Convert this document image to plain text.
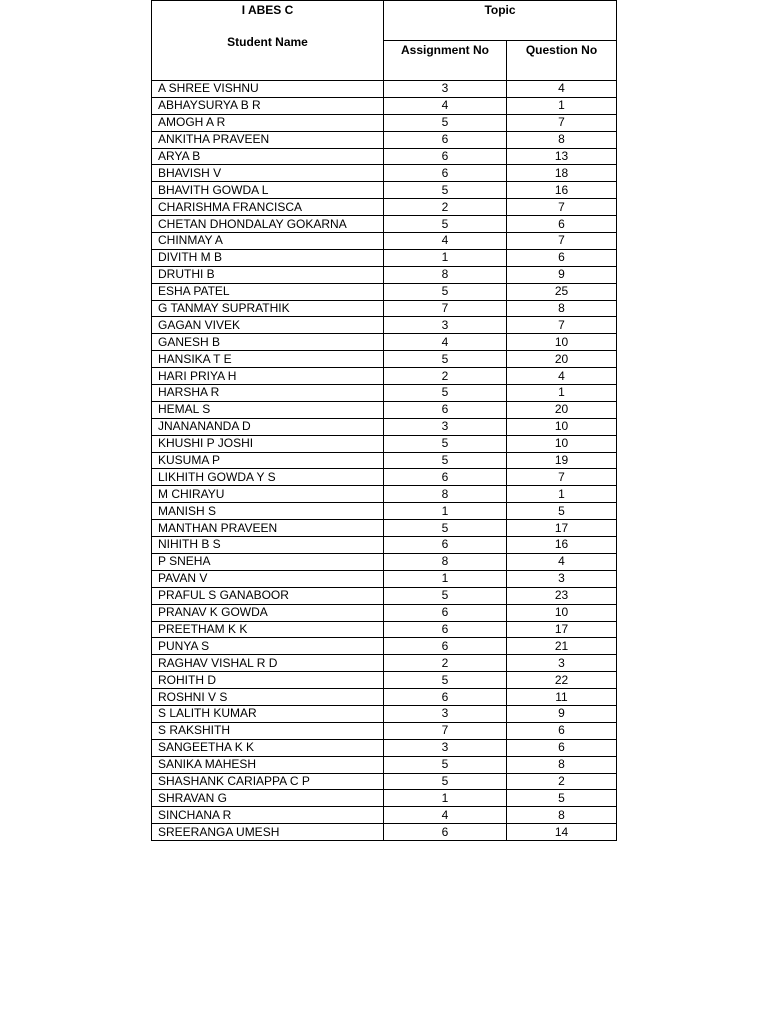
I ABES C
Student Name	Topic	
	Assignment No	Question No
A SHREE VISHNU	3	4
ABHAYSURYA B R	4	1
AMOGH A R	5	7
ANKITHA PRAVEEN	6	8
ARYA B	6	13
BHAVISH V	6	18
BHAVITH GOWDA L	5	16
CHARISHMA FRANCISCA	2	7
CHETAN DHONDALAY GOKARNA	5	6
CHINMAY A	4	7
DIVITH M B	1	6
DRUTHI B	8	9
ESHA PATEL	5	25
G TANMAY SUPRATHIK	7	8
GAGAN VIVEK	3	7
GANESH B	4	10
HANSIKA T E	5	20
HARI PRIYA H	2	4
HARSHA R	5	1
HEMAL S	6	20
JNANANANDA D	3	10
KHUSHI P JOSHI	5	10
KUSUMA P	5	19
LIKHITH GOWDA Y S	6	7
M CHIRAYU	8	1
MANISH S	1	5
MANTHAN PRAVEEN	5	17
NIHITH B S	6	16
P SNEHA	8	4
PAVAN V	1	3
PRAFUL S GANABOOR	5	23
PRANAV K GOWDA	6	10
PREETHAM K K	6	17
PUNYA S	6	21
RAGHAV VISHAL R D	2	3
ROHITH D	5	22
ROSHNI V S	6	11
S LALITH KUMAR	3	9
S RAKSHITH	7	6
SANGEETHA K K	3	6
SANIKA MAHESH	5	8
SHASHANK CARIAPPA C P	5	2
SHRAVAN G	1	5
SINCHANA R	4	8
SREERANGA UMESH	6	14
